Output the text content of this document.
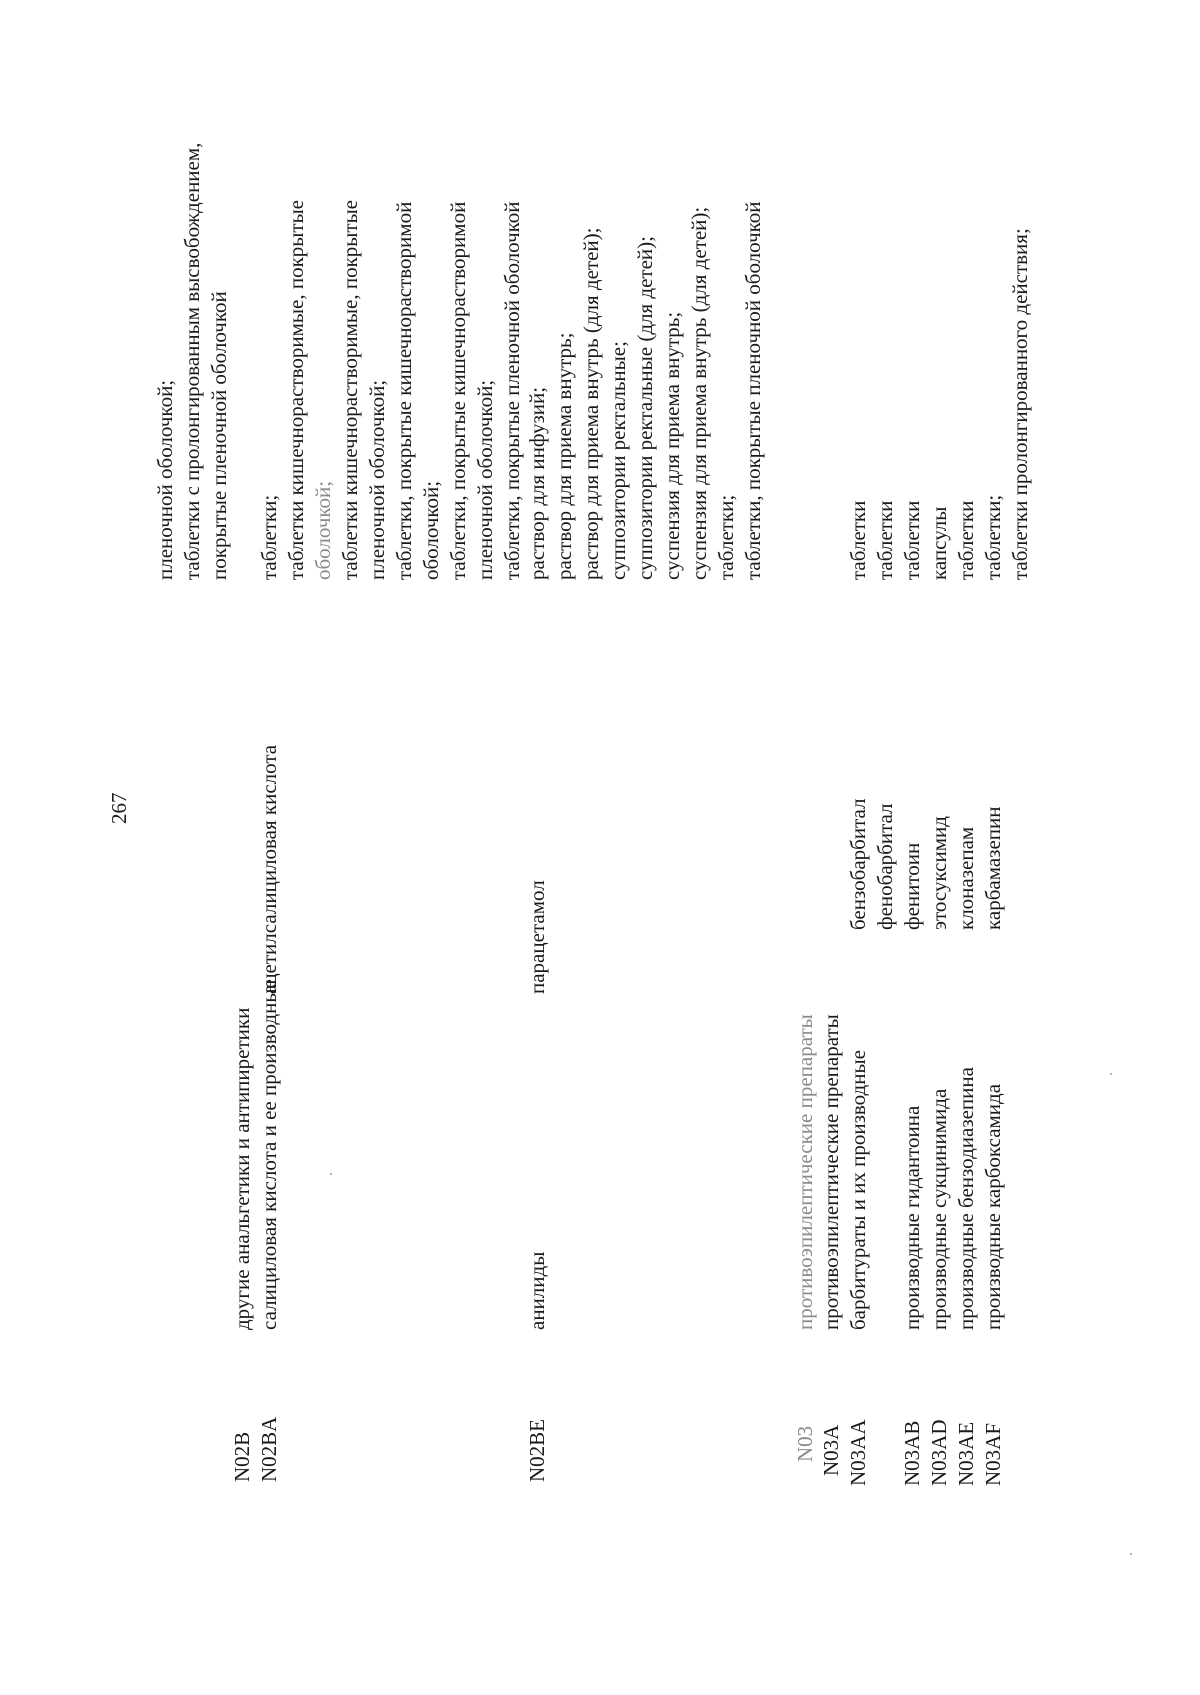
267
пленочной оболочкой; таблетки с пролонгированным высвобождением, покрытые пленочной оболочкой
N02B
другие анальгетики и антипиретики
N02BA
салициловая кислота и ее производные
ацетилсалициловая кислота
таблетки; таблетки кишечнорастворимые, покрытые оболочкой; таблетки кишечнорастворимые, покрытые пленочной оболочкой; таблетки, покрытые кишечнорастворимой оболочкой; таблетки, покрытые кишечнорастворимой пленочной оболочкой; таблетки, покрытые пленочной оболочкой
N02BE
анилиды
парацетамол
раствор для инфузий; раствор для приема внутрь; раствор для приема внутрь (для детей); суппозитории ректальные; суппозитории ректальные (для детей); суспензия для приема внутрь; суспензия для приема внутрь (для детей); таблетки; таблетки, покрытые пленочной оболочкой
N03
противоэпилептические препараты
N03A
противоэпилептические препараты
N03AA
барбитураты и их производные
бензобарбитал
таблетки
фенобарбитал
таблетки
N03AB
производные гидантоина
фенитоин
таблетки
N03AD
производные сукцинимида
этосуксимид
капсулы
N03AE
производные бензодиазепина
клоназепам
таблетки
N03AF
производные карбоксамида
карбамазепин
таблетки; таблетки пролонгированного действия;
